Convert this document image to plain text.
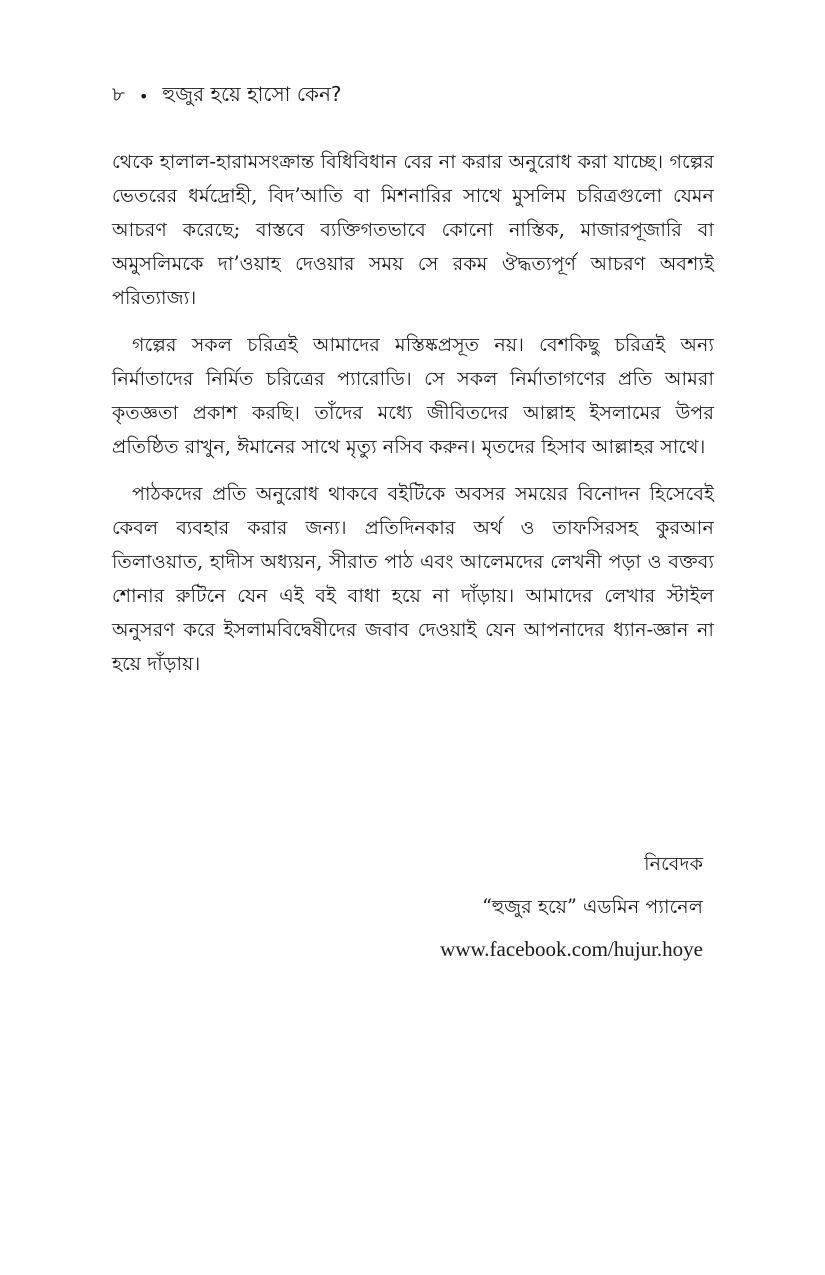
৮ • হুজুর হয়ে হাসো কেন?

থেকে হালাল-হারামসংক্রান্ত বিধিবিধান বের না করার অনুরোধ করা যাচ্ছে। গল্পের ভেতরের ধর্মদ্রোহী, বিদ’আতি বা মিশনারির সাথে মুসলিম চরিত্রগুলো যেমন আচরণ করেছে; বাস্তবে ব্যক্তিগতভাবে কোনো নাস্তিক, মাজারপূজারি বা অমুসলিমকে দা’ওয়াহ দেওয়ার সময় সে রকম ঔদ্ধত্যপূর্ণ আচরণ অবশ্যই পরিত্যাজ্য।

গল্পের সকল চরিত্রই আমাদের মস্তিষ্কপ্রসূত নয়। বেশকিছু চরিত্রই অন্য নির্মাতাদের নির্মিত চরিত্রের প্যারোডি। সে সকল নির্মাতাগণের প্রতি আমরা কৃতজ্ঞতা প্রকাশ করছি। তাঁদের মধ্যে জীবিতদের আল্লাহ ইসলামের উপর প্রতিষ্ঠিত রাখুন, ঈমানের সাথে মৃত্যু নসিব করুন। মৃতদের হিসাব আল্লাহর সাথে।

পাঠকদের প্রতি অনুরোধ থাকবে বইটিকে অবসর সময়ের বিনোদন হিসেবেই কেবল ব্যবহার করার জন্য। প্রতিদিনকার অর্থ ও তাফসিরসহ কুরআন তিলাওয়াত, হাদীস অধ্যয়ন, সীরাত পাঠ এবং আলেমদের লেখনী পড়া ও বক্তব্য শোনার রুটিনে যেন এই বই বাধা হয়ে না দাঁড়ায়। আমাদের লেখার স্টাইল অনুসরণ করে ইসলামবিদ্বেষীদের জবাব দেওয়াই যেন আপনাদের ধ্যান-জ্ঞান না হয়ে দাঁড়ায়।

নিবেদক
“হুজুর হয়ে” এডমিন প্যানেল
www.facebook.com/hujur.hoye
